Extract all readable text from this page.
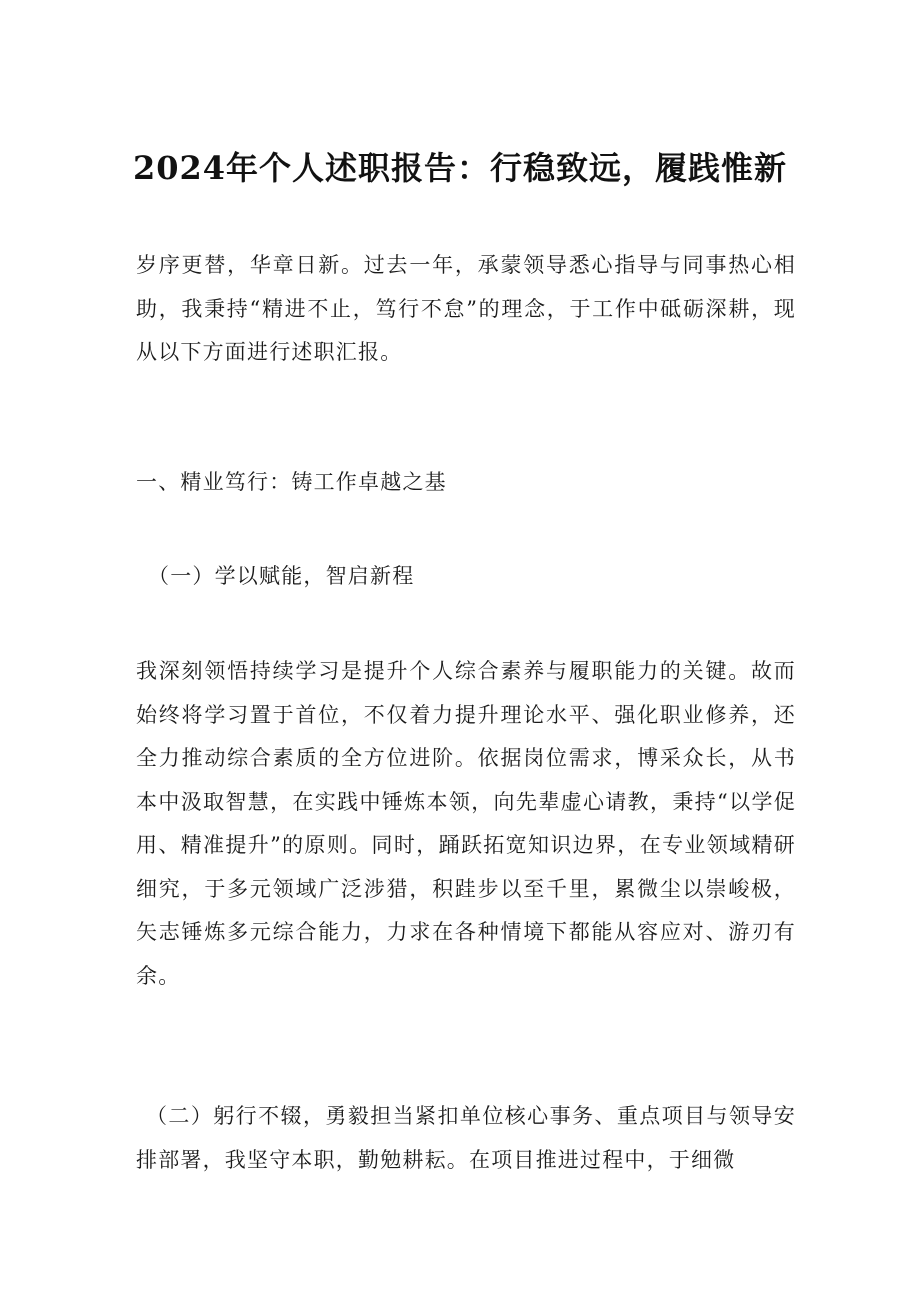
2024年个人述职报告：行稳致远，履践惟新

岁序更替，华章日新。过去一年，承蒙领导悉心指导与同事热心相助，我秉持“精进不止，笃行不怠”的理念，于工作中砥砺深耕，现从以下方面进行述职汇报。

一、精业笃行：铸工作卓越之基

（一）学以赋能，智启新程

我深刻领悟持续学习是提升个人综合素养与履职能力的关键。故而始终将学习置于首位，不仅着力提升理论水平、强化职业修养，还全力推动综合素质的全方位进阶。依据岗位需求，博采众长，从书本中汲取智慧，在实践中锤炼本领，向先辈虚心请教，秉持“以学促用、精准提升”的原则。同时，踊跃拓宽知识边界，在专业领域精研细究，于多元领域广泛涉猎，积跬步以至千里，累微尘以崇峻极，矢志锤炼多元综合能力，力求在各种情境下都能从容应对、游刃有余。

（二）躬行不辍，勇毅担当紧扣单位核心事务、重点项目与领导安排部署，我坚守本职，勤勉耕耘。在项目推进过程中，于细微
